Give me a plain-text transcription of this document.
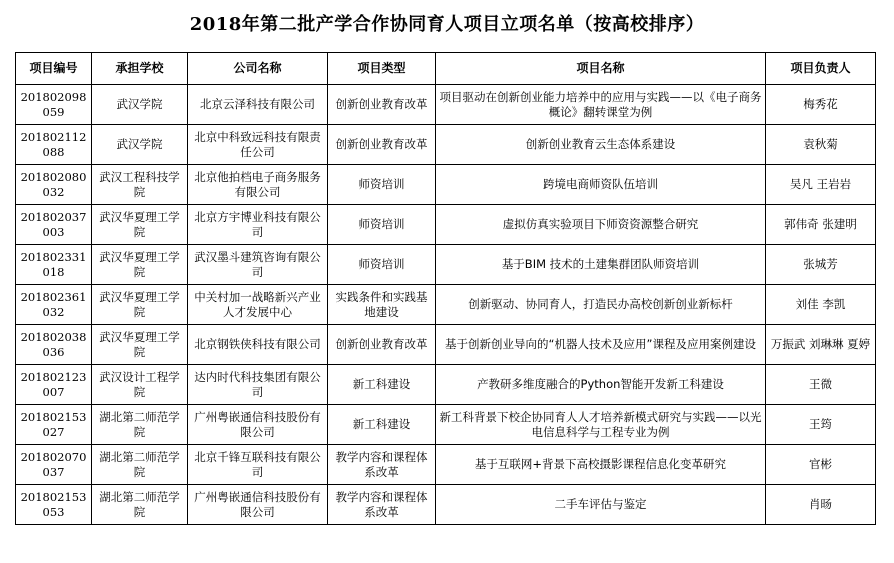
2018年第二批产学合作协同育人项目立项名单（按高校排序）
项目编号	承担学校	公司名称	项目类型	项目名称	项目负责人
201802098059	武汉学院	北京云泽科技有限公司	创新创业教育改革	项目驱动在创新创业能力培养中的应用与实践——以《电子商务概论》翻转课堂为例	梅秀花
201802112088	武汉学院	北京中科致远科技有限责任公司	创新创业教育改革	创新创业教育云生态体系建设	袁秋菊
201802080032	武汉工程科技学院	北京他拍档电子商务服务有限公司	师资培训	跨境电商师资队伍培训	吴凡 王岩岩
201802037003	武汉华夏理工学院	北京方宇博业科技有限公司	师资培训	虚拟仿真实验项目下师资资源整合研究	郭伟奇 张建明
201802331018	武汉华夏理工学院	武汉墨斗建筑咨询有限公司	师资培训	基于BIM 技术的土建集群团队师资培训	张城芳
201802361032	武汉华夏理工学院	中关村加一战略新兴产业人才发展中心	实践条件和实践基地建设	创新驱动、协同育人，打造民办高校创新创业新标杆	刘佳 李凯
201802038036	武汉华夏理工学院	北京钢铁侠科技有限公司	创新创业教育改革	基于创新创业导向的“机器人技术及应用”课程及应用案例建设	万振武 刘琳琳 夏婷
201802123007	武汉设计工程学院	达内时代科技集团有限公司	新工科建设	产教研多维度融合的Python智能开发新工科建设	王微
201802153027	湖北第二师范学院	广州粤嵌通信科技股份有限公司	新工科建设	新工科背景下校企协同育人人才培养新模式研究与实践——以光电信息科学与工程专业为例	王筠
201802070037	湖北第二师范学院	北京千锋互联科技有限公司	教学内容和课程体系改革	基于互联网+背景下高校摄影课程信息化变革研究	官彬
201802153053	湖北第二师范学院	广州粤嵌通信科技股份有限公司	教学内容和课程体系改革	二手车评估与鉴定	肖旸
